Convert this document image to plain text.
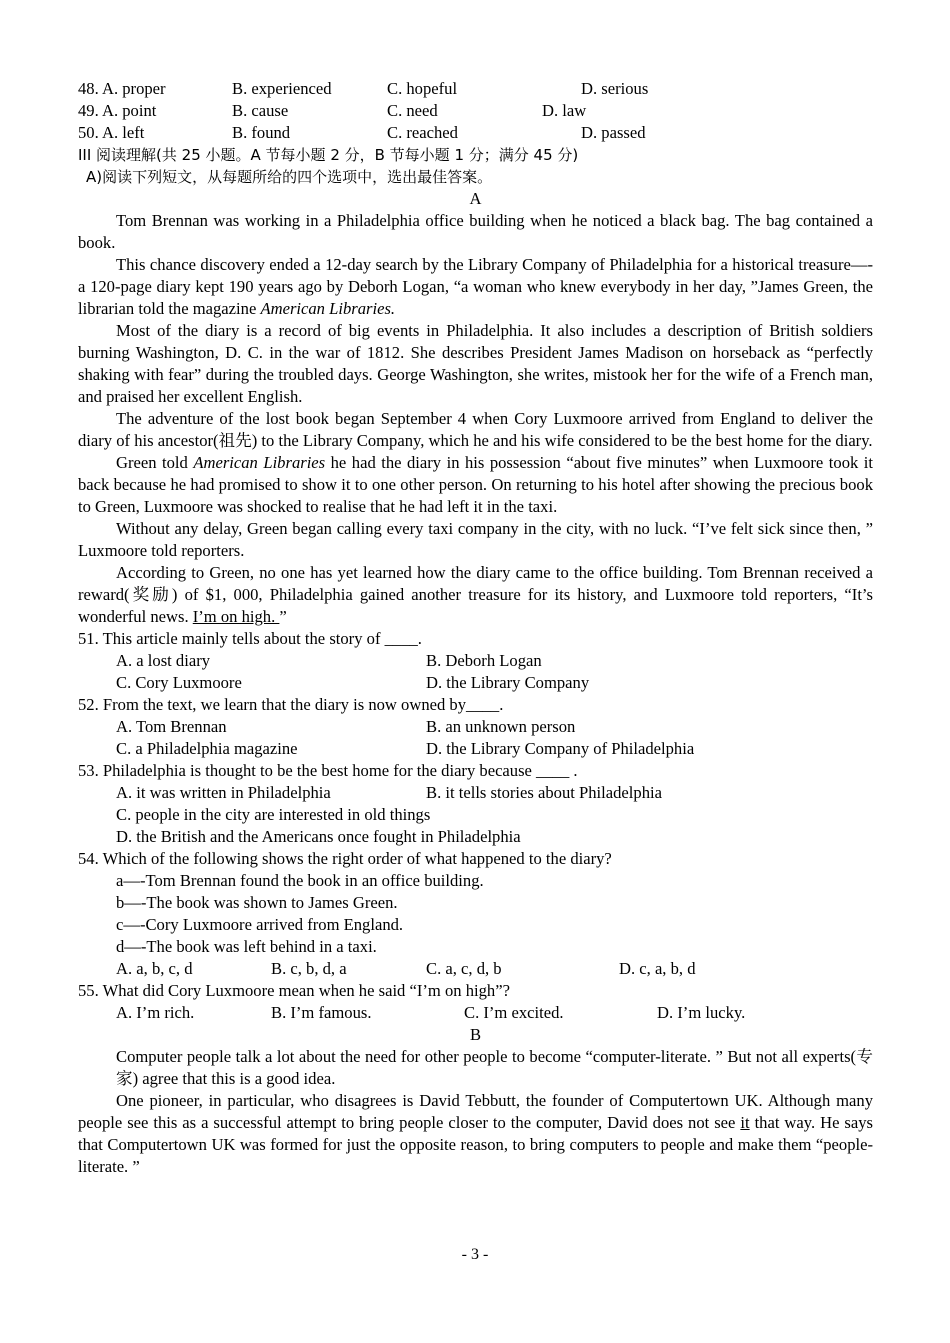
48. A. proper	B. experienced	C. hopeful	D. serious
49. A. point	B. cause	C. need	D. law
50. A. left	B. found	C. reached	D. passed
III 阅读理解(共 25 小题。A 节每小题 2 分，B 节每小题 1 分；满分 45 分)
A)阅读下列短文，从每题所给的四个选项中，选出最佳答案。
A

Tom Brennan was working in a Philadelphia office building when he noticed a black bag. The bag contained a book.

This chance discovery ended a 12-day search by the Library Company of Philadelphia for a historical treasure—-a 120-page diary kept 190 years ago by Deborh Logan, “a woman who knew everybody in her day, ”James Green, the librarian told the magazine American Libraries.

Most of the diary is a record of big events in Philadelphia. It also includes a description of British soldiers burning Washington, D. C. in the war of 1812. She describes President James Madison on horseback as “perfectly shaking with fear” during the troubled days. George Washington, she writes, mistook her for the wife of a French man, and praised her excellent English.

The adventure of the lost book began September 4 when Cory Luxmoore arrived from England to deliver the diary of his ancestor(祖先) to the Library Company, which he and his wife considered to be the best home for the diary.

Green told American Libraries he had the diary in his possession “about five minutes” when Luxmoore took it back because he had promised to show it to one other person. On returning to his hotel after showing the precious book to Green, Luxmoore was shocked to realise that he had left it in the taxi.

Without any delay, Green began calling every taxi company in the city, with no luck. “I’ve felt sick since then, ” Luxmoore told reporters.

According to Green, no one has yet learned how the diary came to the office building. Tom Brennan received a reward(奖励) of $1, 000, Philadelphia gained another treasure for its history, and Luxmoore told reporters, “It’s wonderful news. I’m on high. ”

51. This article mainly tells about the story of ____.
A. a lost diary	B. Deborh Logan
C. Cory Luxmoore	D. the Library Company
52. From the text, we learn that the diary is now owned by____.
A. Tom Brennan	B. an unknown person
C. a Philadelphia magazine	D. the Library Company of Philadelphia
53. Philadelphia is thought to be the best home for the diary because ____ .
A. it was written in Philadelphia	B. it tells stories about Philadelphia
C. people in the city are interested in old things
D. the British and the Americans once fought in Philadelphia
54. Which of the following shows the right order of what happened to the diary?
a—-Tom Brennan found the book in an office building.
b—-The book was shown to James Green.
c—-Cory Luxmoore arrived from England.
d—-The book was left behind in a taxi.
A. a, b, c, d	B. c, b, d, a	C. a, c, d, b	D. c, a, b, d
55. What did Cory Luxmoore mean when he said “I’m on high”?
A. I’m rich.	B. I’m famous.	C. I’m excited.	D. I’m lucky.
B

Computer people talk a lot about the need for other people to become “computer-literate. ” But not all experts(专家) agree that this is a good idea.

One pioneer, in particular, who disagrees is David Tebbutt, the founder of Computertown UK. Although many people see this as a successful attempt to bring people closer to the computer, David does not see it that way. He says that Computertown UK was formed for just the opposite reason, to bring computers to people and make them “people-literate. ”

- 3 -
